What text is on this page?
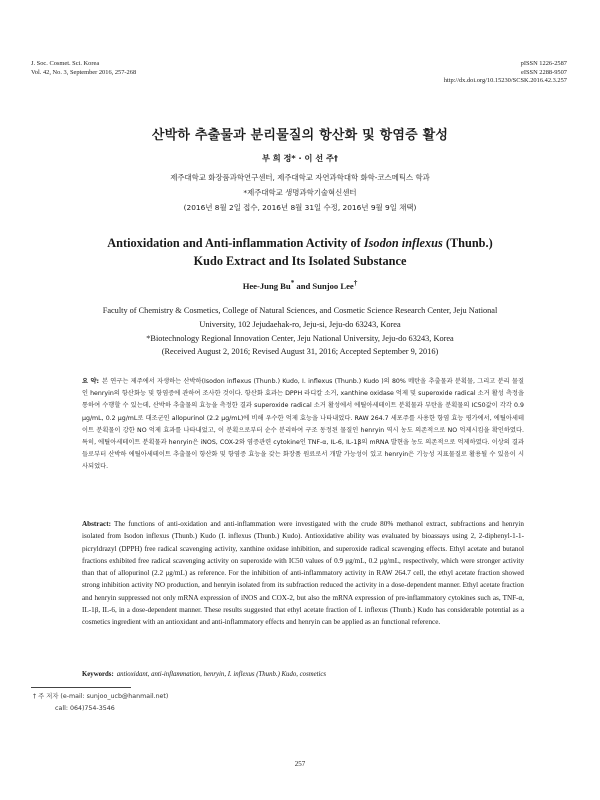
J. Soc. Cosmet. Sci. Korea
Vol. 42, No. 3, September 2016, 257-268
pISSN 1226-2587
eISSN 2288-9507
http://dx.doi.org/10.15230/SCSK.2016.42.3.257
산박하 추출물과 분리물질의 항산화 및 항염증 활성
부 희 정* · 이 선 주†
제주대학교 화장품과학연구센터, 제주대학교 자연과학대학 화학-코스메틱스 학과
*제주대학교 생명과학기술혁신센터
(2016년 8월 2일 접수, 2016년 8월 31일 수정, 2016년 9월 9일 채택)
Antioxidation and Anti-inflammation Activity of Isodon inflexus (Thunb.)
Kudo Extract and Its Isolated Substance
Hee-Jung Bu* and Sunjoo Lee†
Faculty of Chemistry & Cosmetics, College of Natural Sciences, and Cosmetic Science Research Center, Jeju National
University, 102 Jejudaehak-ro, Jeju-si, Jeju-do 63243, Korea
*Biotechnology Regional Innovation Center, Jeju National University, Jeju-do 63243, Korea
(Received August 2, 2016; Revised August 31, 2016; Accepted September 9, 2016)
요 약: 본 연구는 제주에서 자생하는 산박하(Isodon inflexus (Thunb.) Kudo, I. inflexus (Thunb.) Kudo )의 80% 메탄올 추출물과 분획물, 그리고 분리 물질인 henryin의 항산화능 및 항염증에 관하여 조사한 것이다. 항산화 효과는 DPPH 라디칼 소거, xanthine oxidase 억제 및 superoxide radical 소거 활성 측정을 통하여 수행할 수 있는데, 산박하 추출물의 효능을 측정한 결과 superoxide radical 소거 활성에서 에틸아세테이트 분획물과 부탄올 분획물의 IC50값이 각각 0.9 μg/mL, 0.2 μg/mL로 대조군인 allopurinol (2.2 μg/mL)에 비해 우수한 억제 효능을 나타내었다. RAW 264.7 세포주를 사용한 항염 효능 평가에서, 에틸아세테이트 분획물이 강한 NO 억제 효과를 나타내었고, 이 분획으로부터 순수 분리하여 구조 동정된 물질인 henryin 역시 농도 의존적으로 NO 억제시킴을 확인하였다. 특히, 에틸아세테이트 분획물과 henryin은 iNOS, COX-2와 염증관련 cytokine인 TNF-α, IL-6, IL-1β의 mRNA 발현을 농도 의존적으로 억제하였다. 이상의 결과들로부터 산박하 에틸아세테이트 추출물이 항산화 및 항염증 효능을 갖는 화장품 원료로서 개발 가능성이 있고 henryin은 기능성 지표물질로 활용될 수 있음이 시사되었다.
Abstract: The functions of anti-oxidation and anti-inflammation were investigated with the crude 80% methanol extract, subfractions and henryin isolated from Isodon inflexus (Thunb.) Kudo (I. inflexus (Thunb.) Kudo). Antioxidative ability was evaluated by bioassays using 2, 2-diphenyl-1-1-picryldrazyl (DPPH) free radical scavenging activity, xanthine oxidase inhibition, and superoxide radical scavenging effects. Ethyl acetate and butanol fractions exhibited free radical scavenging activity on superoxide with IC50 values of 0.9 μg/mL, 0.2 μg/mL, respectively, which were stronger activity than that of allopurinol (2.2 μg/mL) as reference. For the inhibition of anti-inflammatory activity in RAW 264.7 cell, the ethyl acetate fraction showed strong inhibition activity NO production, and henryin isolated from its subfraction reduced the activity in a dose-dependent manner. Ethyl acetate fraction and henryin suppressed not only mRNA expression of iNOS and COX-2, but also the mRNA expression of pre-inflammatory cytokines such as, TNF-α, IL-1β, IL-6, in a dose-dependent manner. These results suggested that ethyl acetate fraction of I. inflexus (Thunb.) Kudo has considerable potential as a cosmetics ingredient with an antioxidant and anti-inflammatory effects and henryin can be applied as an functional reference.
Keywords: antioxidant, anti-inflammation, henryin, I. inflexus (Thunb.) Kudo, cosmetics
† 주 저자 (e-mail: sunjoo_ucb@hanmail.net)
call: 064)754-3546
257
